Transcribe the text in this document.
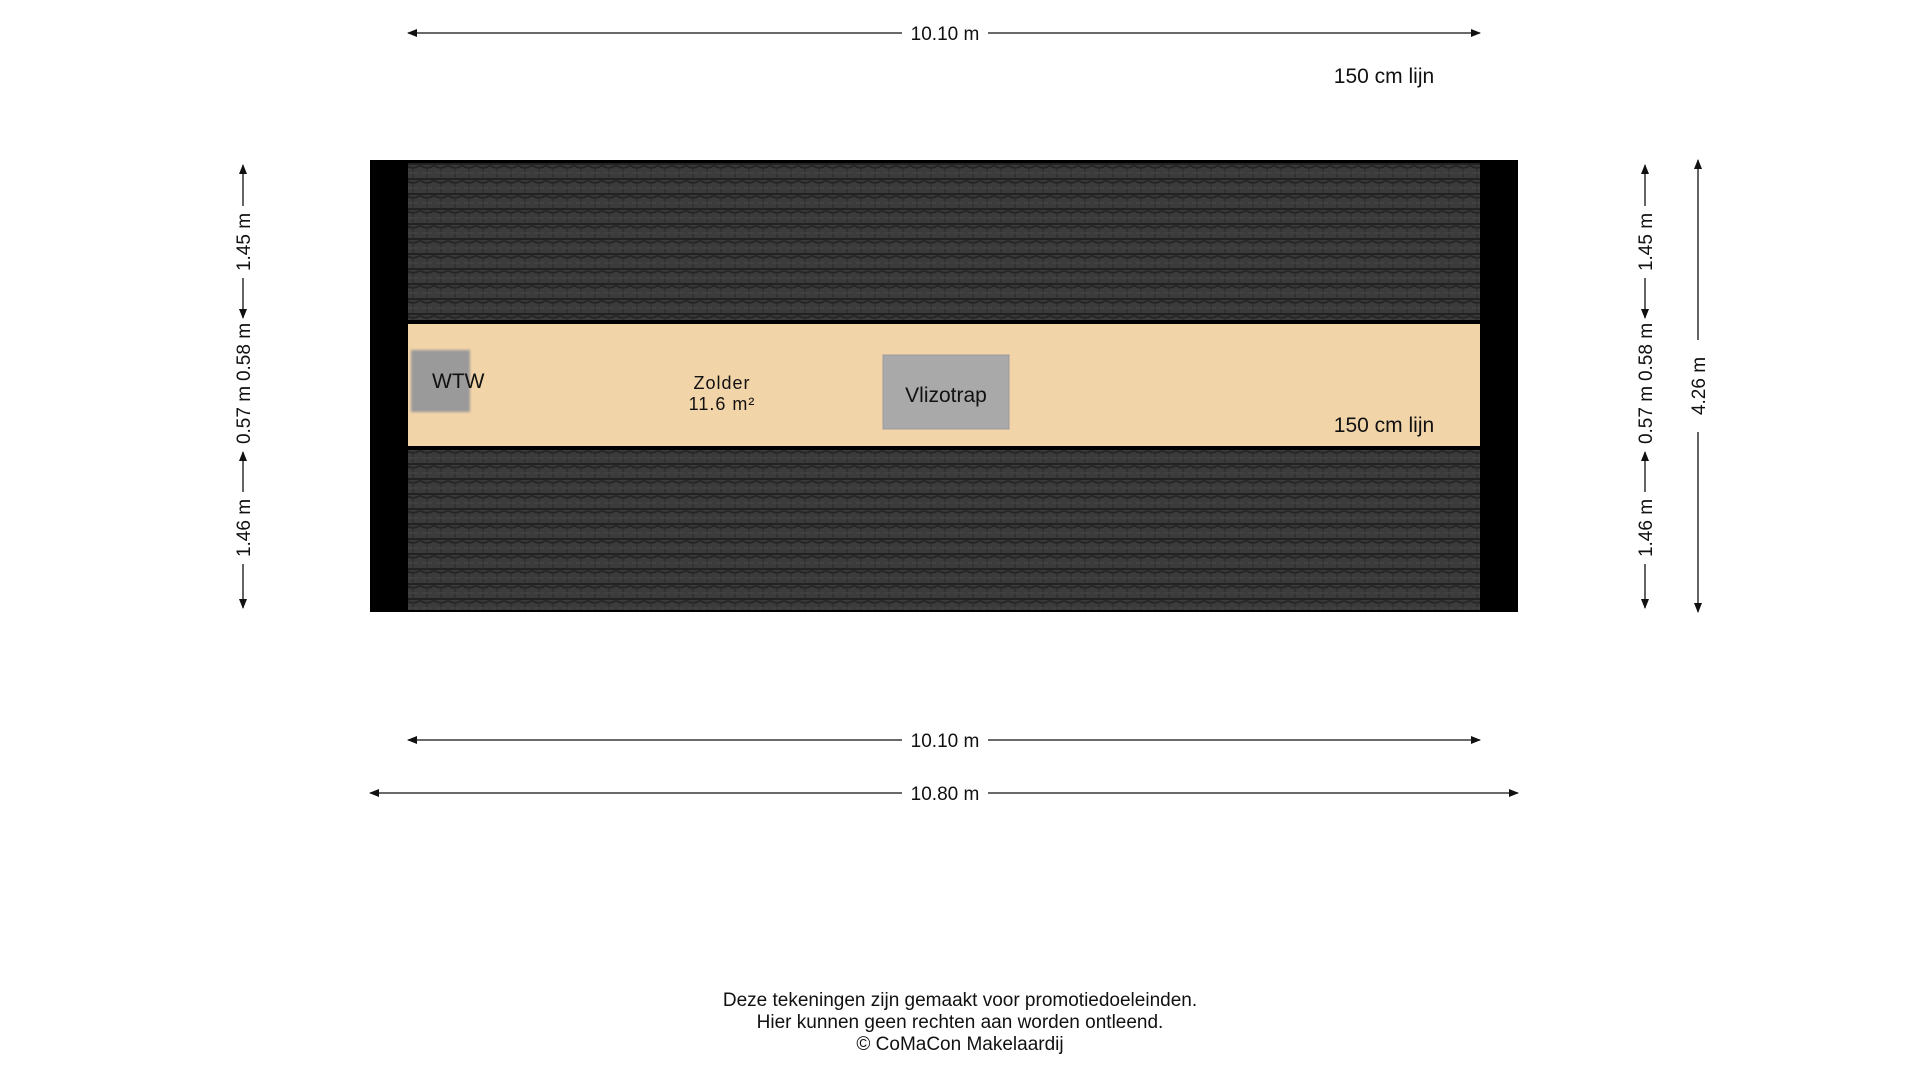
WTW	Zolder
11.6 m²	Vlizotrap
150 cm lijn
10.10 m
150 cm lijn
10.10 m
10.80 m
1.45 m
0.58 m
0.57 m
1.46 m
1.45 m
0.58 m
0.57 m
1.46 m
4.26 m
Deze tekeningen zijn gemaakt voor promotiedoeleinden.
Hier kunnen geen rechten aan worden ontleend.
© CoMaCon Makelaardij
